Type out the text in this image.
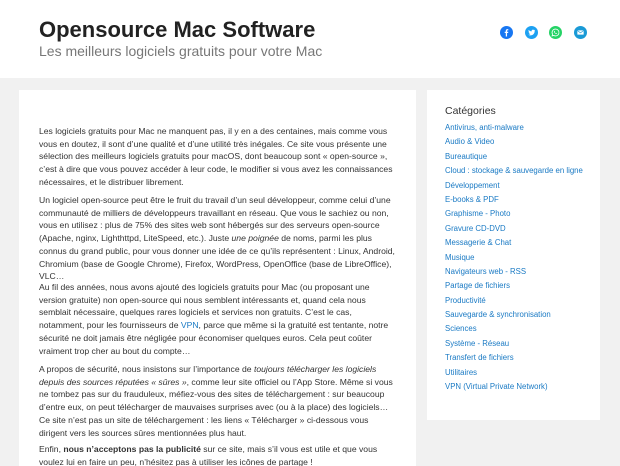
Opensource Mac Software
Les meilleurs logiciels gratuits pour votre Mac

Les logiciels gratuits pour Mac ne manquent pas, il y en a des centaines, mais comme vous vous en doutez, il sont d’une qualité et d’une utilité très inégales. Ce site vous présente une sélection des meilleurs logiciels gratuits pour macOS, dont beaucoup sont « open-source », c’est à dire que vous pouvez accéder à leur code, le modifier si vous avez les connaissances nécessaires, et le distribuer librement.

Un logiciel open-source peut être le fruit du travail d’un seul développeur, comme celui d’une communauté de milliers de développeurs travaillant en réseau. Que vous le sachiez ou non, vous en utilisez : plus de 75% des sites web sont hébergés sur des serveurs open-source (Apache, nginx, Lighthttpd, LiteSpeed, etc.). Juste une poignée de noms, parmi les plus connus du grand public, pour vous donner une idée de ce qu’ils représentent : Linux, Android, Chromium (base de Google Chrome), Firefox, WordPress, OpenOffice (base de LibreOffice), VLC…

Au fil des années, nous avons ajouté des logiciels gratuits pour Mac (ou proposant une version gratuite) non open-source qui nous semblent intéressants et, quand cela nous semblait nécessaire, quelques rares logiciels et services non gratuits. C’est le cas, notamment, pour les fournisseurs de VPN, parce que même si la gratuité est tentante, notre sécurité ne doit jamais être négligée pour économiser quelques euros. Cela peut coûter vraiment trop cher au bout du compte…

A propos de sécurité, nous insistons sur l’importance de toujours télécharger les logiciels depuis des sources réputées « sûres », comme leur site officiel ou l’App Store. Même si vous ne tombez pas sur du frauduleux, méfiez-vous des sites de téléchargement : sur beaucoup d’entre eux, on peut télécharger de mauvaises surprises avec (ou à la place) des logiciels… Ce site n’est pas un site de téléchargement : les liens « Télécharger » ci-dessous vous dirigent vers les sources sûres mentionnées plus haut.

Enfin, nous n’acceptons pas la publicité sur ce site, mais s’il vous est utile et que vous voulez lui en faire un peu, n’hésitez pas à utiliser les icônes de partage !

Catégories
Antivirus, anti-malware
Audio & Video
Bureautique
Cloud : stockage & sauvegarde en ligne
Développement
E-books & PDF
Graphisme - Photo
Gravure CD-DVD
Messagerie & Chat
Musique
Navigateurs web - RSS
Partage de fichiers
Productivité
Sauvegarde & synchronisation
Sciences
Système - Réseau
Transfert de fichiers
Utilitaires
VPN (Virtual Private Network)
